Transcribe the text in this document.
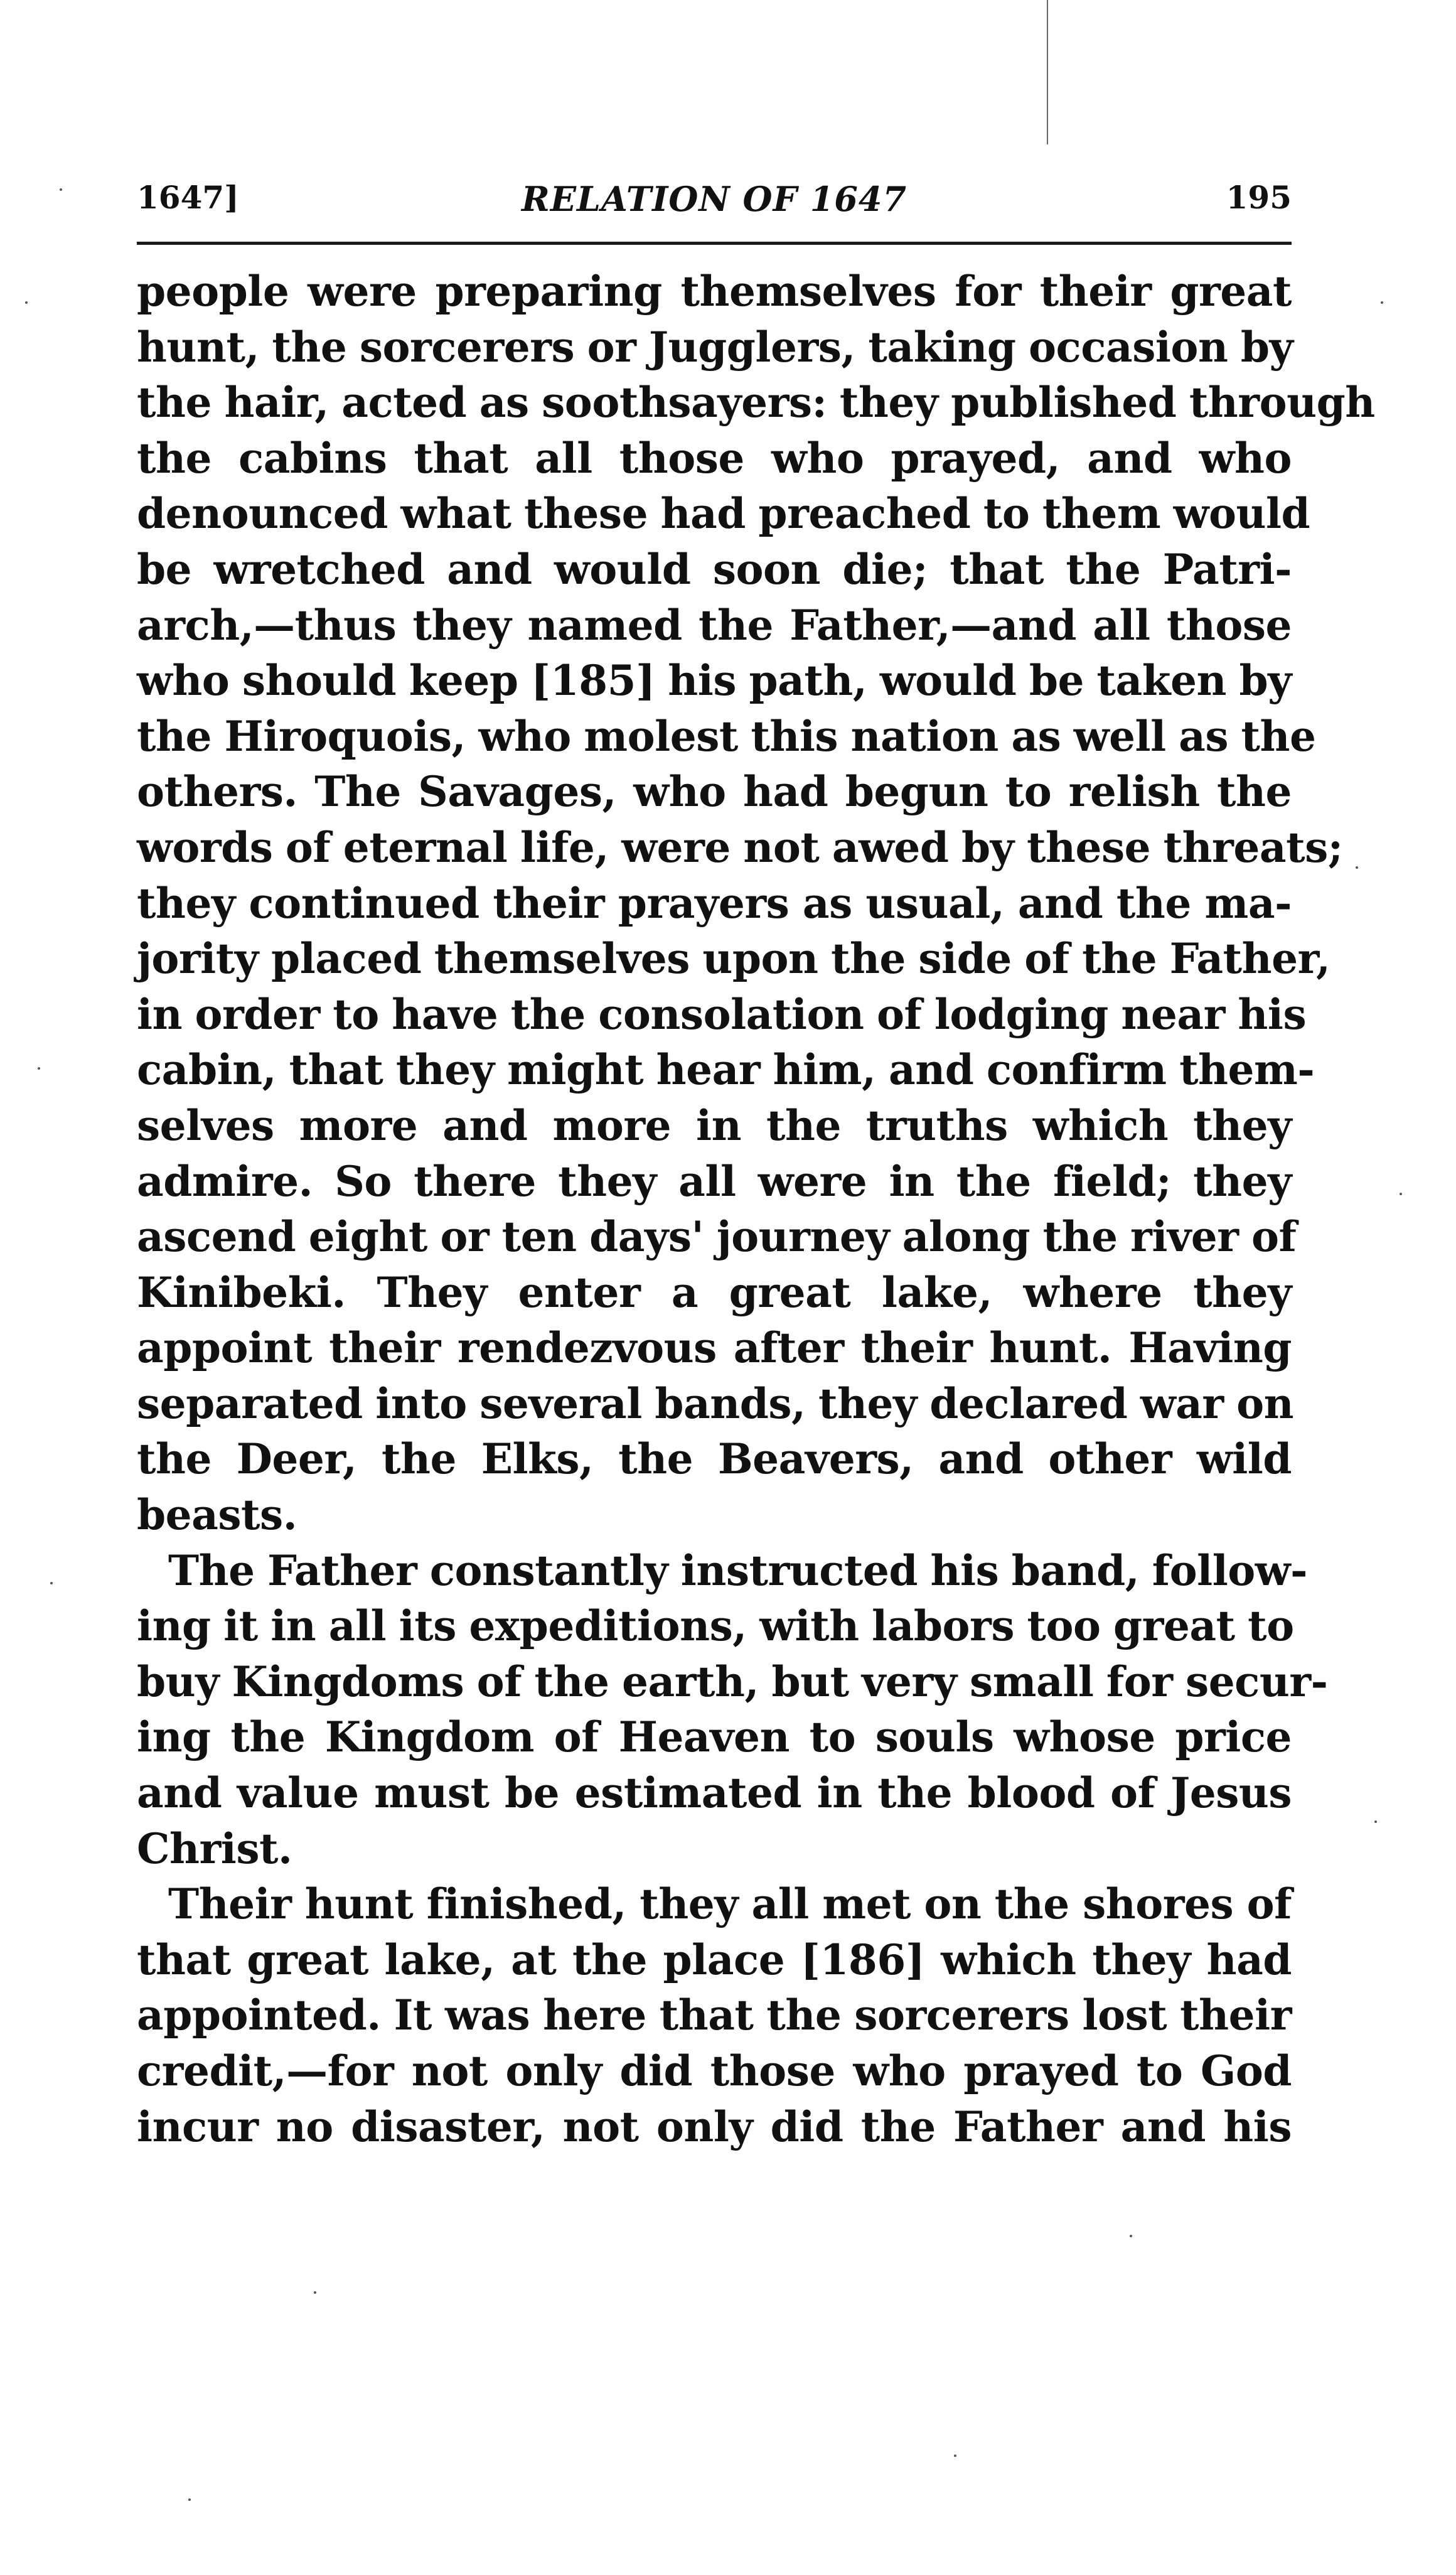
1647]	RELATION OF 1647	195
people were preparing themselves for their great
hunt, the sorcerers or Jugglers, taking occasion by
the hair, acted as soothsayers: they published through
the cabins that all those who prayed, and who
denounced what these had preached to them would
be wretched and would soon die; that the Patri-
arch,—thus they named the Father,—and all those
who should keep [185] his path, would be taken by
the Hiroquois, who molest this nation as well as the
others. The Savages, who had begun to relish the
words of eternal life, were not awed by these threats;
they continued their prayers as usual, and the ma-
jority placed themselves upon the side of the Father,
in order to have the consolation of lodging near his
cabin, that they might hear him, and confirm them-
selves more and more in the truths which they
admire. So there they all were in the field; they
ascend eight or ten days' journey along the river of
Kinibeki. They enter a great lake, where they
appoint their rendezvous after their hunt. Having
separated into several bands, they declared war on
the Deer, the Elks, the Beavers, and other wild
beasts.
The Father constantly instructed his band, follow-
ing it in all its expeditions, with labors too great to
buy Kingdoms of the earth, but very small for secur-
ing the Kingdom of Heaven to souls whose price
and value must be estimated in the blood of Jesus
Christ.
Their hunt finished, they all met on the shores of
that great lake, at the place [186] which they had
appointed. It was here that the sorcerers lost their
credit,—for not only did those who prayed to God
incur no disaster, not only did the Father and his
